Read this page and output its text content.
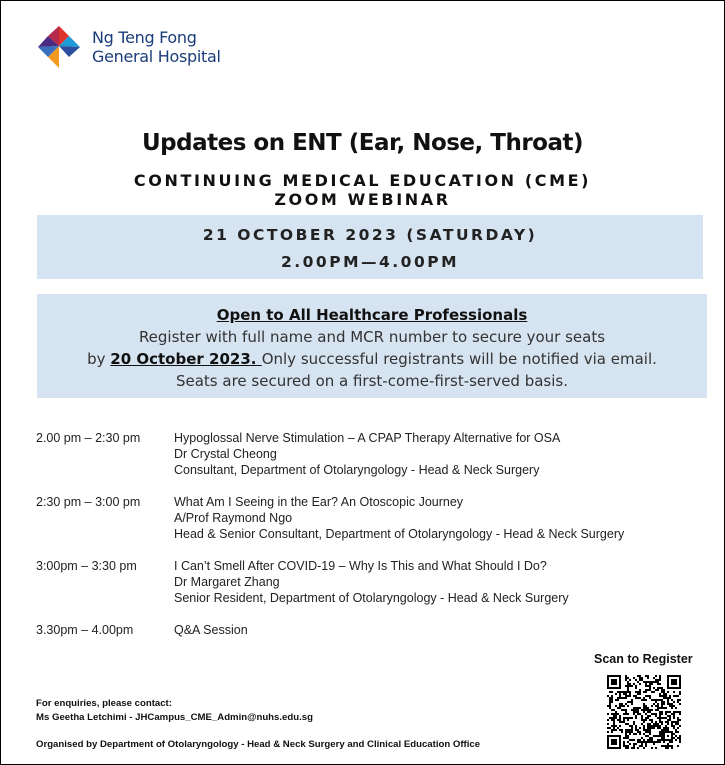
Ng Teng Fong
General Hospital
Updates on ENT (Ear, Nose, Throat)
CONTINUING MEDICAL EDUCATION (CME)
ZOOM WEBINAR
21 OCTOBER 2023 (SATURDAY)
2.00PM—4.00PM
Open to All Healthcare Professionals
Register with full name and MCR number to secure your seats
by 20 October 2023. Only successful registrants will be notified via email.
Seats are secured on a first-come-first-served basis.
2.00 pm – 2:30 pm	Hypoglossal Nerve Stimulation – A CPAP Therapy Alternative for OSA
Dr Crystal Cheong
Consultant, Department of Otolaryngology - Head & Neck Surgery
2:30 pm – 3:00 pm	What Am I Seeing in the Ear? An Otoscopic Journey
A/Prof Raymond Ngo
Head & Senior Consultant, Department of Otolaryngology - Head & Neck Surgery
3:00pm – 3:30 pm	I Can’t Smell After COVID-19 – Why Is This and What Should I Do?
Dr Margaret Zhang
Senior Resident, Department of Otolaryngology - Head & Neck Surgery
3.30pm – 4.00pm	Q&A Session
Scan to Register
For enquiries, please contact:
Ms Geetha Letchimi - JHCampus_CME_Admin@nuhs.edu.sg
Organised by Department of Otolaryngology - Head & Neck Surgery and Clinical Education Office
